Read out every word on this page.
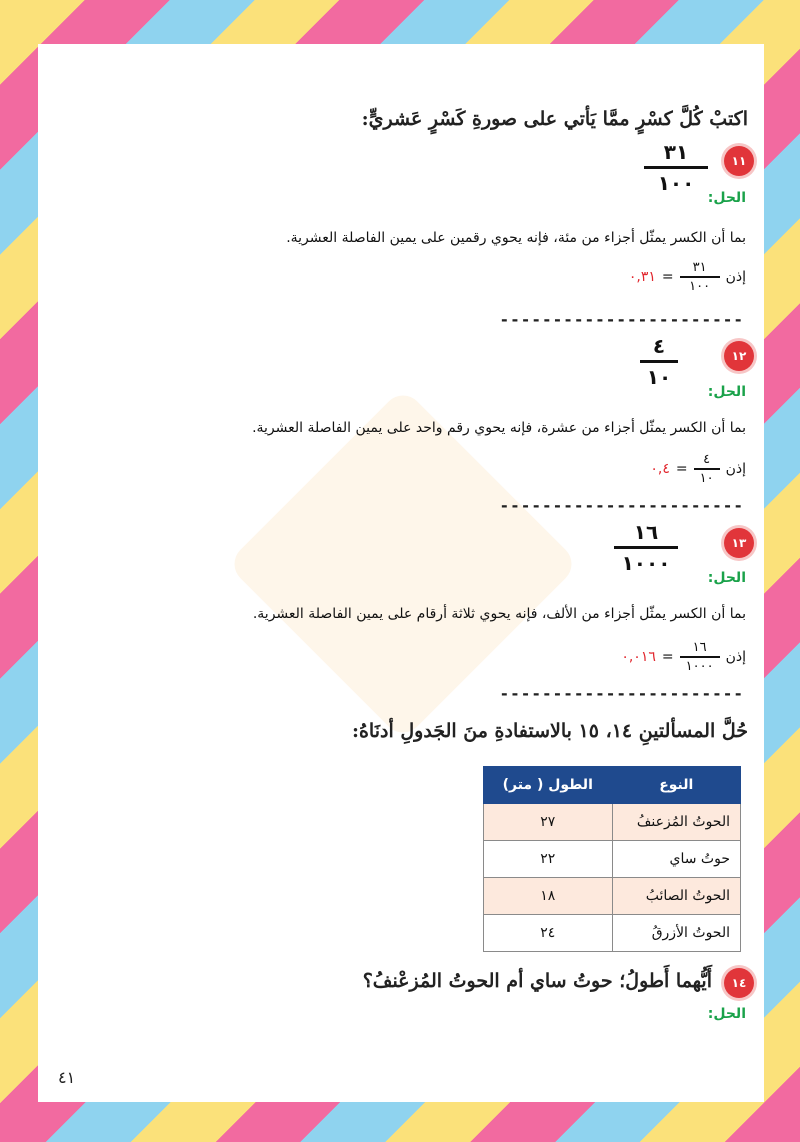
اكتبْ كُلَّ كسْرٍ ممَّا يَأتي على صورةِ كَسْرٍ عَشريٍّ:
١١
٣١
١٠٠
الحل:
بما أن الكسر يمثّل أجزاء من مئة، فإنه يحوي رقمين على يمين الفاصلة العشرية.
إذن
٣١
١٠٠
=
٠,٣١
-----------------------
١٢
٤
١٠
الحل:
بما أن الكسر يمثّل أجزاء من عشرة، فإنه يحوي رقم واحد على يمين الفاصلة العشرية.
إذن
٤
١٠
=
٠,٤
-----------------------
١٣
١٦
١٠٠٠
الحل:
بما أن الكسر يمثّل أجزاء من الألف، فإنه يحوي ثلاثة أرقام على يمين الفاصلة العشرية.
إذن
١٦
١٠٠٠
=
٠,٠١٦
-----------------------
حُلَّ المسألتينِ ١٤، ١٥ بالاستفادةِ منَ الجَدولِ أدنَاهُ:
النوع	الطول ( متر)
الحوتُ المُزعنفُ	٢٧
حوتُ ساي	٢٢
الحوتُ الصائبُ	١٨
الحوتُ الأزرقُ	٢٤
١٤
أَيُّهما أَطولُ؛ حوتُ ساي أم الحوتُ المُزعْنفُ؟
الحل:
٤١
